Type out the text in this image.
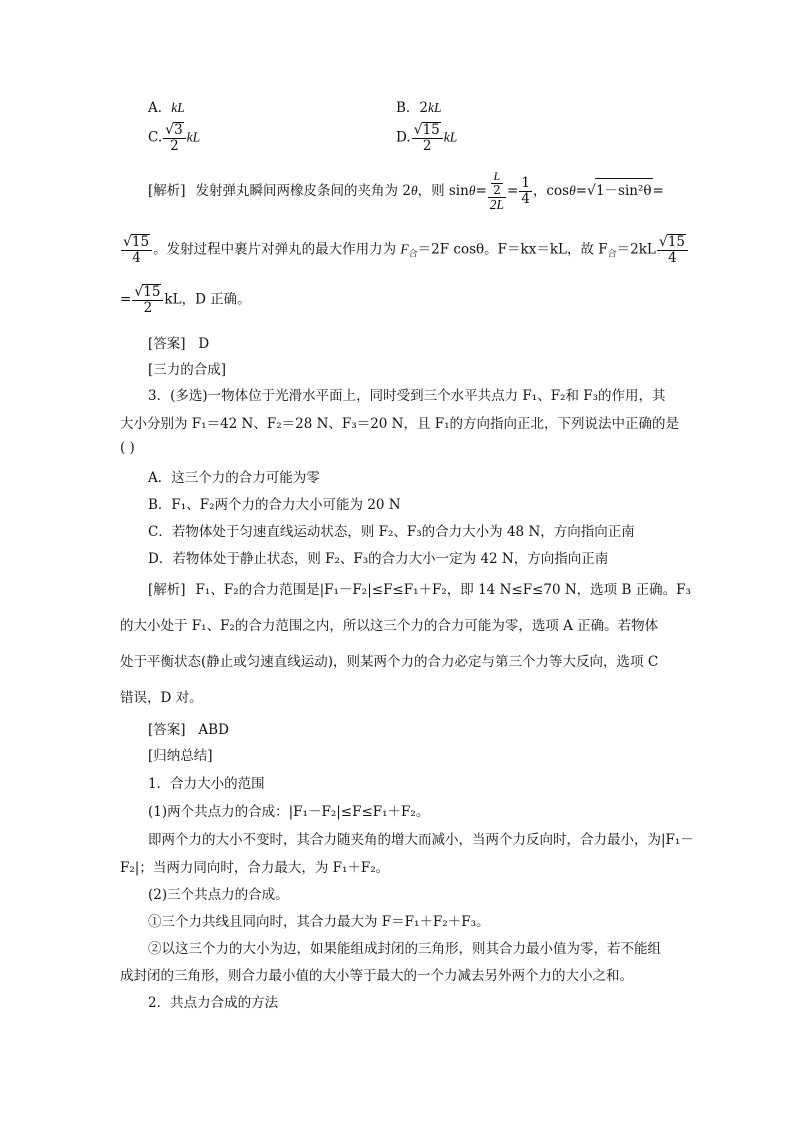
A．kL	B．2kL
C. $\frac{√3}{2}$ kL	D. $\frac{√15}{2}$ kL
[解析] 发射弹丸瞬间两橡皮条间的夹角为 2θ，则 $\sin\theta= \frac{\frac{L}{2}}{2L} = \frac{1}{4}$ ，cosθ=√1－sin²θ=
$\frac{√15}{4}$ 。发射过程中裹片对弹丸的最大作用力为 $F_合=2F$ cosθ。F＝kx＝kL，故 $F_合=2kL \frac{√15}{4}$
= $\frac{√15}{2}$ kL，D 正确。
[答案] D
[三力的合成]
3．(多选)一物体位于光滑水平面上，同时受到三个水平共点力 F₁、F₂和 F₃的作用，其
大小分别为 F₁＝42 N、F₂＝28 N、F₃＝20 N，且 F₁的方向指向正北，下列说法中正确的是
( )
A．这三个力的合力可能为零
B．F₁、F₂两个力的合力大小可能为 20 N
C．若物体处于匀速直线运动状态，则 F₂、F₃的合力大小为 48 N，方向指向正南
D．若物体处于静止状态，则 F₂、F₃的合力大小一定为 42 N，方向指向正南
[解析] F₁、F₂的合力范围是|F₁－F₂|≤F≤F₁＋F₂，即 14 N≤F≤70 N，选项 B 正确。F₃
的大小处于 F₁、F₂的合力范围之内，所以这三个力的合力可能为零，选项 A 正确。若物体
处于平衡状态(静止或匀速直线运动)，则某两个力的合力必定与第三个力等大反向，选项 C
错误，D 对。
[答案] ABD
[归纳总结]
1．合力大小的范围
(1)两个共点力的合成：|F₁－F₂|≤F≤F₁＋F₂。
即两个力的大小不变时，其合力随夹角的增大而减小，当两个力反向时，合力最小，为|F₁－
F₂|；当两力同向时，合力最大，为 F₁＋F₂。
(2)三个共点力的合成。
①三个力共线且同向时，其合力最大为 F＝F₁＋F₂＋F₃。
②以这三个力的大小为边，如果能组成封闭的三角形，则其合力最小值为零，若不能组
成封闭的三角形，则合力最小值的大小等于最大的一个力减去另外两个力的大小之和。
2．共点力合成的方法
